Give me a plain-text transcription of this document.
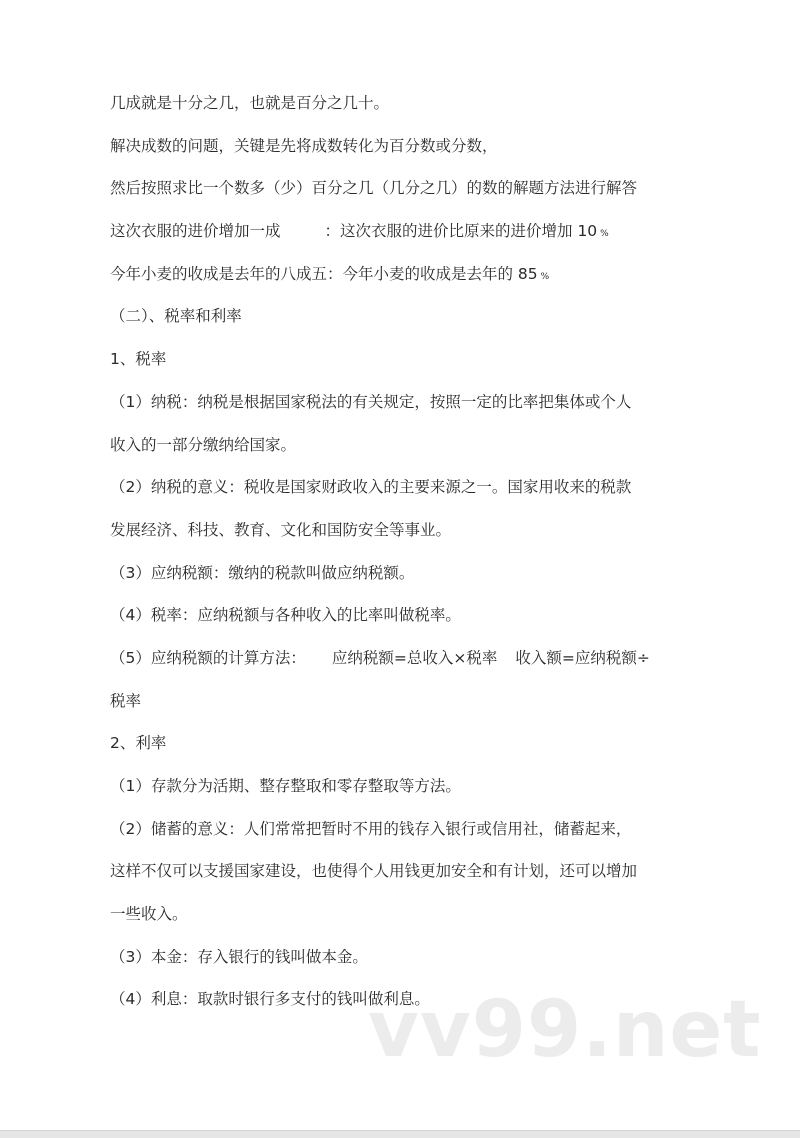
几成就是十分之几，也就是百分之几十。
解决成数的问题，关键是先将成数转化为百分数或分数，
然后按照求比一个数多（少）百分之几（几分之几）的数的解题方法进行解答
这次衣服的进价增加一成	：这次衣服的进价比原来的进价增加 10 %
今年小麦的收成是去年的八成五：今年小麦的收成是去年的 85 %
（二）、税率和利率
1、税率
（1）纳税：纳税是根据国家税法的有关规定，按照一定的比率把集体或个人
收入的一部分缴纳给国家。
（2）纳税的意义：税收是国家财政收入的主要来源之一。国家用收来的税款
发展经济、科技、教育、文化和国防安全等事业。
（3）应纳税额：缴纳的税款叫做应纳税额。
（4）税率：应纳税额与各种收入的比率叫做税率。
（5）应纳税额的计算方法： 应纳税额=总收入×税率 收入额=应纳税额÷
税率
2、利率
（1）存款分为活期、整存整取和零存整取等方法。
（2）储蓄的意义：人们常常把暂时不用的钱存入银行或信用社，储蓄起来，
这样不仅可以支援国家建设，也使得个人用钱更加安全和有计划，还可以增加
一些收入。
（3）本金：存入银行的钱叫做本金。
（4）利息：取款时银行多支付的钱叫做利息。
vv99.net
